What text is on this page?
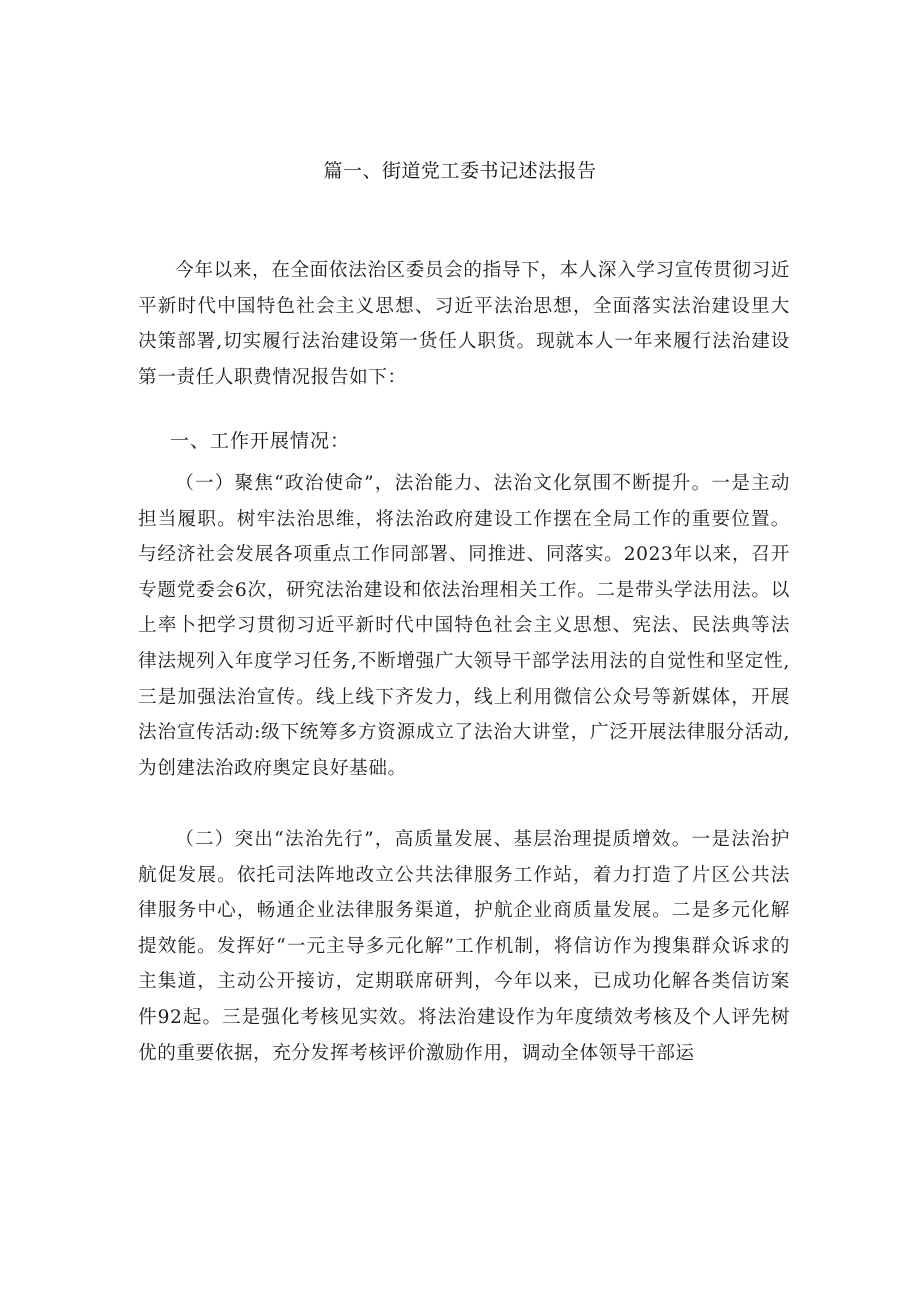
篇一、街道党工委书记述法报告

今年以来，在全面依法治区委员会的指导下，本人深入学习宣传贯彻习近平新时代中国特色社会主义思想、习近平法治思想，全面落实法治建设里大决策部署,切实履行法治建设第一货任人职货。现就本人一年来履行法治建设第一责任人职费情况报告如下：

一、工作开展情况：

（一）聚焦“政治使命”，法治能力、法治文化氛围不断提升。一是主动担当履职。树牢法治思维，将法治政府建设工作摆在全局工作的重要位置。与经济社会发展各项重点工作同部署、同推进、同落实。2023年以来，召开专题党委会6次，研究法治建设和依法治理相关工作。二是带头学法用法。以上率卜把学习贯彻习近平新时代中国特色社会主义思想、宪法、民法典等法律法规列入年度学习任务,不断增强广大领导干部学法用法的自觉性和坚定性,三是加强法治宣传。线上线下齐发力，线上利用微信公众号等新媒体，开展法治宣传活动:级下统筹多方资源成立了法治大讲堂，广泛开展法律服分活动,为创建法治政府奥定良好基础。

（二）突出“法治先行”，高质量发展、基层治理提质增效。一是法治护航促发展。依托司法阵地改立公共法律服务工作站，着力打造了片区公共法律服务中心，畅通企业法律服务渠道，护航企业商质量发展。二是多元化解提效能。发挥好“一元主导多元化解”工作机制，将信访作为搜集群众诉求的主集道，主动公开接访，定期联席研判，今年以来，已成功化解各类信访案件92起。三是强化考核见实效。将法治建设作为年度绩效考核及个人评先树优的重要依据，充分发挥考核评价激励作用，调动全体领导干部运
